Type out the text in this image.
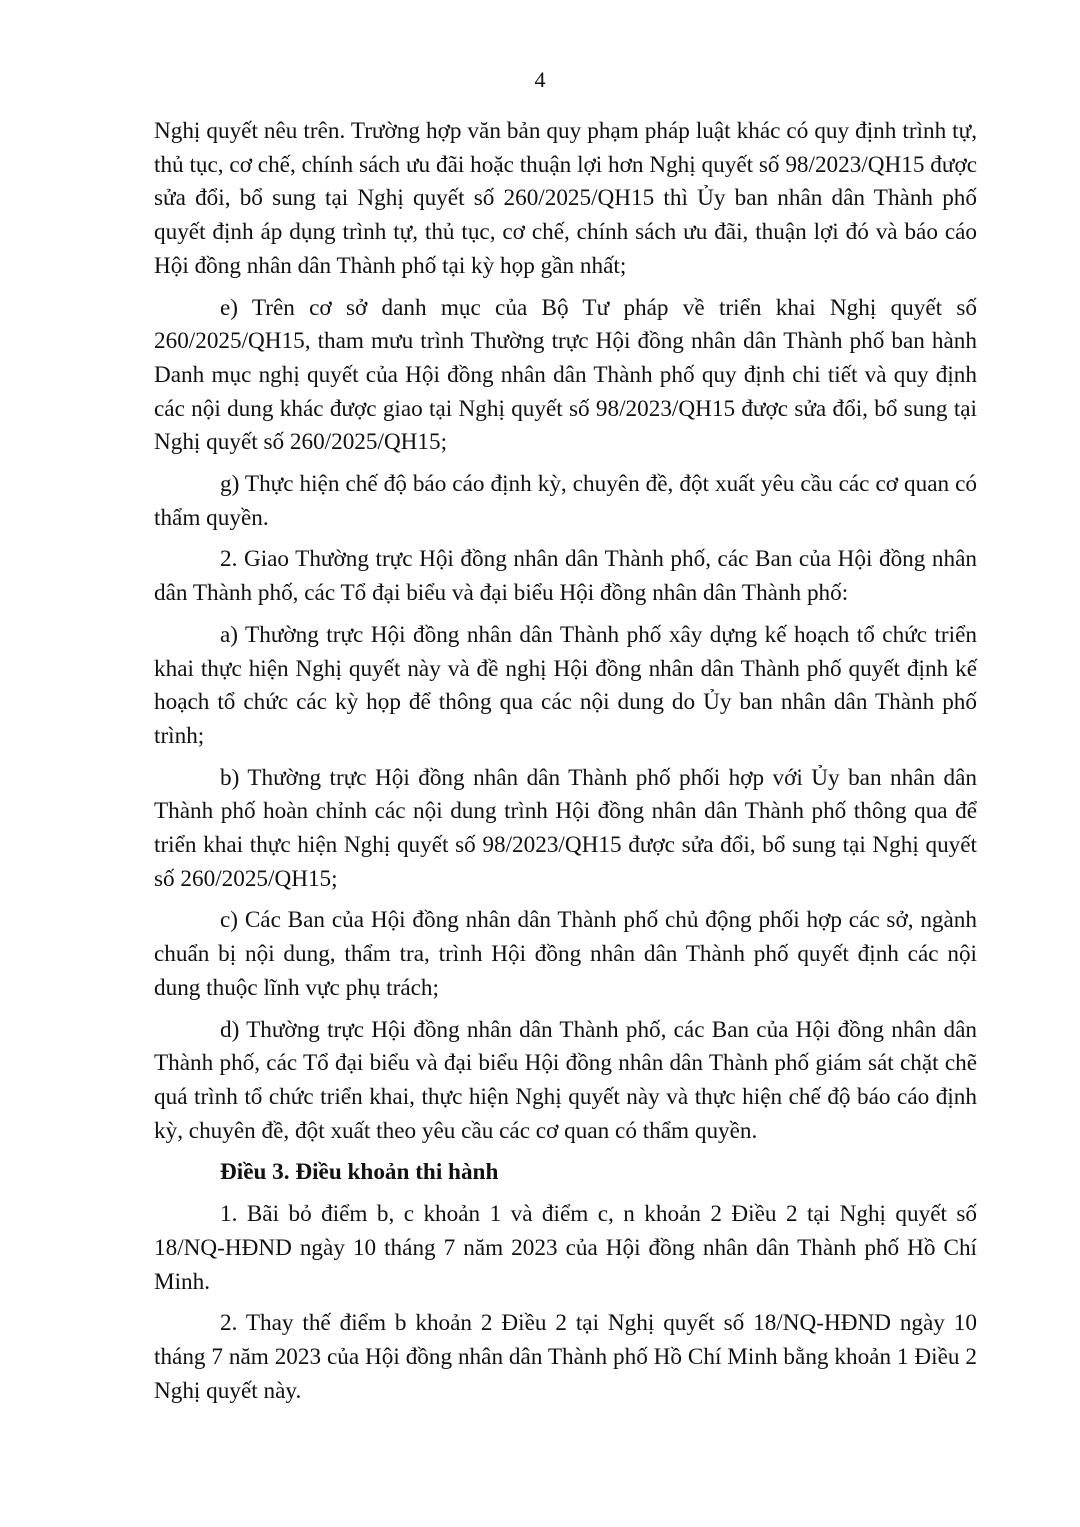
4

Nghị quyết nêu trên. Trường hợp văn bản quy phạm pháp luật khác có quy định trình tự, thủ tục, cơ chế, chính sách ưu đãi hoặc thuận lợi hơn Nghị quyết số 98/2023/QH15 được sửa đổi, bổ sung tại Nghị quyết số 260/2025/QH15 thì Ủy ban nhân dân Thành phố quyết định áp dụng trình tự, thủ tục, cơ chế, chính sách ưu đãi, thuận lợi đó và báo cáo Hội đồng nhân dân Thành phố tại kỳ họp gần nhất;

e) Trên cơ sở danh mục của Bộ Tư pháp về triển khai Nghị quyết số 260/2025/QH15, tham mưu trình Thường trực Hội đồng nhân dân Thành phố ban hành Danh mục nghị quyết của Hội đồng nhân dân Thành phố quy định chi tiết và quy định các nội dung khác được giao tại Nghị quyết số 98/2023/QH15 được sửa đổi, bổ sung tại Nghị quyết số 260/2025/QH15;

g) Thực hiện chế độ báo cáo định kỳ, chuyên đề, đột xuất yêu cầu các cơ quan có thẩm quyền.

2. Giao Thường trực Hội đồng nhân dân Thành phố, các Ban của Hội đồng nhân dân Thành phố, các Tổ đại biểu và đại biểu Hội đồng nhân dân Thành phố:

a) Thường trực Hội đồng nhân dân Thành phố xây dựng kế hoạch tổ chức triển khai thực hiện Nghị quyết này và đề nghị Hội đồng nhân dân Thành phố quyết định kế hoạch tổ chức các kỳ họp để thông qua các nội dung do Ủy ban nhân dân Thành phố trình;

b) Thường trực Hội đồng nhân dân Thành phố phối hợp với Ủy ban nhân dân Thành phố hoàn chỉnh các nội dung trình Hội đồng nhân dân Thành phố thông qua để triển khai thực hiện Nghị quyết số 98/2023/QH15 được sửa đổi, bổ sung tại Nghị quyết số 260/2025/QH15;

c) Các Ban của Hội đồng nhân dân Thành phố chủ động phối hợp các sở, ngành chuẩn bị nội dung, thẩm tra, trình Hội đồng nhân dân Thành phố quyết định các nội dung thuộc lĩnh vực phụ trách;

d) Thường trực Hội đồng nhân dân Thành phố, các Ban của Hội đồng nhân dân Thành phố, các Tổ đại biểu và đại biểu Hội đồng nhân dân Thành phố giám sát chặt chẽ quá trình tổ chức triển khai, thực hiện Nghị quyết này và thực hiện chế độ báo cáo định kỳ, chuyên đề, đột xuất theo yêu cầu các cơ quan có thẩm quyền.

Điều 3. Điều khoản thi hành

1. Bãi bỏ điểm b, c khoản 1 và điểm c, n khoản 2 Điều 2 tại Nghị quyết số 18/NQ-HĐND ngày 10 tháng 7 năm 2023 của Hội đồng nhân dân Thành phố Hồ Chí Minh.

2. Thay thế điểm b khoản 2 Điều 2 tại Nghị quyết số 18/NQ-HĐND ngày 10 tháng 7 năm 2023 của Hội đồng nhân dân Thành phố Hồ Chí Minh bằng khoản 1 Điều 2 Nghị quyết này.
